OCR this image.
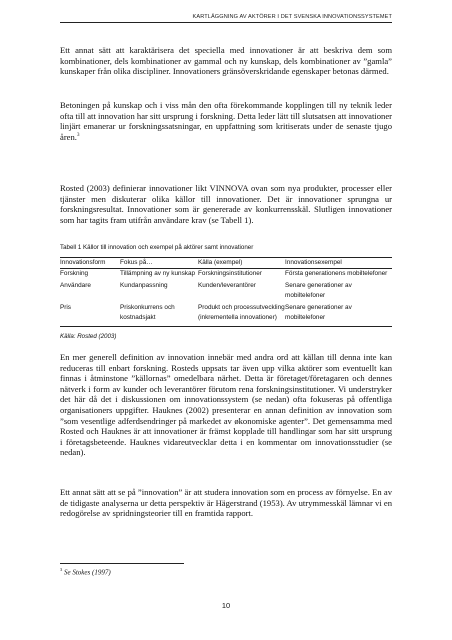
KARTLÄGGNING AV AKTÖRER I DET SVENSKA INNOVATIONSSYSTEMET

Ett annat sätt att karaktärisera det speciella med innovationer är att beskriva dem som kombinationer, dels kombinationer av gammal och ny kunskap, dels kombinationer av ”gamla” kunskaper från olika discipliner. Innovationers gränsöverskridande egenskaper betonas därmed.

Betoningen på kunskap och i viss mån den ofta förekommande kopplingen till ny teknik leder ofta till att innovation har sitt ursprung i forskning. Detta leder lätt till slutsatsen att innovationer linjärt emanerar ur forskningssatsningar, en uppfattning som kritiserats under de senaste tjugo åren.$^3$

Rosted (2003) definierar innovationer likt VINNOVA ovan som nya produkter, processer eller tjänster men diskuterar olika källor till innovationer. Det är innovationer sprungna ur forskningsresultat. Innovationer som är genererade av konkurrensskäl. Slutligen innovationer som har tagits fram utifrån användare krav (se Tabell 1).

Tabell 1 Källor till innovation och exempel på aktörer samt innovationer
Innovationsform	Fokus på…	Källa (exempel)	Innovationsexempel
Forskning	Tillämpning av ny kunskap	Forskningsinstitutioner	Första generationens mobiltelefoner
Användare	Kundanpassning	Kunden/leverantörer	Senare generationer av mobiltelefoner
Pris	Priskonkurrens och kostnadsjakt	Produkt och processutveckling (inkrementella innovationer)	Senare generationer av mobiltelefoner
Källa: Rosted (2003)

En mer generell definition av innovation innebär med andra ord att källan till denna inte kan reduceras till enbart forskning. Rosteds uppsats tar även upp vilka aktörer som eventuellt kan finnas i åtminstone ”källornas” omedelbara närhet. Detta är företaget/företagaren och dennes nätverk i form av kunder och leverantörer förutom rena forskningsinstitutioner. Vi understryker det här då det i diskussionen om innovationssystem (se nedan) ofta fokuseras på offentliga organisationers uppgifter. Hauknes (2002) presenterar en annan definition av innovation som ”som vesentlige adferdsendringer på markedet av økonomiske agenter”. Det gemensamma med Rosted och Hauknes är att innovationer är främst kopplade till handlingar som har sitt ursprung i företagsbeteende. Hauknes vidareutvecklar detta i en kommentar om innovationsstudier (se nedan).

Ett annat sätt att se på ”innovation” är att studera innovation som en process av förnyelse. En av de tidigaste analyserna ur detta perspektiv är Hägerstrand (1953). Av utrymmesskäl lämnar vi en redogörelse av spridningsteorier till en framtida rapport.

$^3$ Se Stokes (1997)
10
